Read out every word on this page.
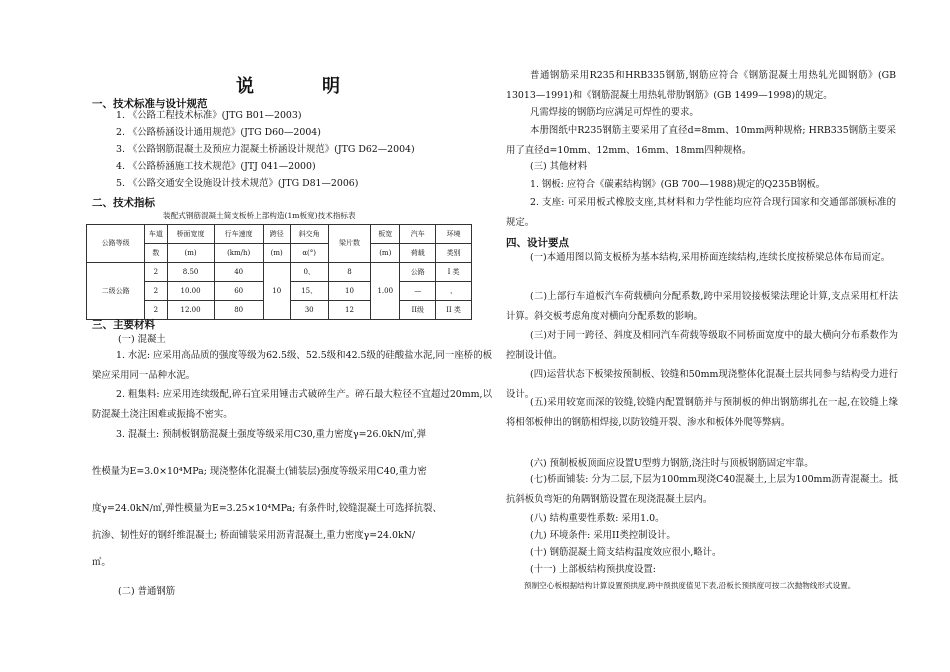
说	明
一、技术标准与设计规范
1. 《公路工程技术标准》(JTG B01—2003)
2. 《公路桥涵设计通用规范》(JTG D60—2004)
3. 《公路钢筋混凝土及预应力混凝土桥涵设计规范》(JTG D62—2004)
4. 《公路桥涵施工技术规范》(JTJ 041—2000)
5. 《公路交通安全设施设计技术规范》(JTG D81—2006)
二、技术指标
装配式钢筋混凝土简支板桥上部构造(1m板宽)技术指标表
公路等级	车道	桥面宽度	行车速度	跨径	斜交角	梁片数	板宽	汽车	环境
	数	(m)	(km/h)	(m)	α(°)		(m)	荷载	类别
二级公路	2	8.50	40	10	0、	8	1.00	公路	I 类
	2	10.00	60		15、	10		—	、
	2	12.00	80		30	12		II级	II 类
三、主要材料
(一) 混凝土
1. 水泥: 应采用高品质的强度等级为62.5级、52.5级和42.5级的硅酸盐水泥,同一座桥的板梁应采用同一品种水泥。
2. 粗集料: 应采用连续级配,碎石宜采用锤击式破碎生产。碎石最大粒径不宜超过20mm,以防混凝土浇注困难或振捣不密实。
3. 混凝土: 预制板钢筋混凝土强度等级采用C30,重力密度γ=26.0kN/㎥,弹
性模量为E=3.0×10⁴MPa; 现浇整体化混凝土(铺装层)强度等级采用C40,重力密
度γ=24.0kN/㎥,弹性模量为E=3.25×10⁴MPa; 有条件时,铰缝混凝土可选择抗裂、
抗渗、韧性好的钢纤维混凝土; 桥面铺装采用沥青混凝土,重力密度γ=24.0kN/
㎥。
(二) 普通钢筋
普通钢筋采用R235和HRB335钢筋,钢筋应符合《钢筋混凝土用热轧光圆钢筋》(GB 13013—1991)和《钢筋混凝土用热轧带肋钢筋》(GB 1499—1998)的规定。
凡需焊接的钢筋均应满足可焊性的要求。
本册图纸中R235钢筋主要采用了直径d=8mm、10mm两种规格; HRB335钢筋主要采用了直径d=10mm、12mm、16mm、18mm四种规格。
(三) 其他材料
1. 钢板: 应符合《碳素结构钢》(GB 700—1988)规定的Q235B钢板。
2. 支座: 可采用板式橡胶支座,其材料和力学性能均应符合现行国家和交通部部颁标准的规定。
四、设计要点
(一)本通用图以简支板桥为基本结构,采用桥面连续结构,连续长度按桥梁总体布局而定。
(二)上部行车道板汽车荷载横向分配系数,跨中采用铰接板梁法理论计算,支点采用杠杆法计算。斜交板考虑角度对横向分配系数的影响。
(三)对于同一跨径、斜度及相同汽车荷载等级取不同桥面宽度中的最大横向分布系数作为控制设计值。
(四)运营状态下板梁按预制板、铰缝和50mm现浇整体化混凝土层共同参与结构受力进行设计。
(五)采用较宽而深的铰缝,铰缝内配置钢筋并与预制板的伸出钢筋绑扎在一起,在铰缝上缘将相邻板伸出的钢筋相焊接,以防铰缝开裂、渗水和板体外爬等弊病。
(六) 预制板板顶面应设置U型剪力钢筋,浇注时与顶板钢筋固定牢靠。
(七)桥面铺装: 分为二层,下层为100mm现浇C40混凝土,上层为100mm沥青混凝土。抵抗斜板负弯矩的角隅钢筋设置在现浇混凝土层内。
(八) 结构重要性系数: 采用1.0。
(九) 环境条件: 采用II类控制设计。
(十) 钢筋混凝土简支结构温度效应很小,略计。
(十一) 上部板结构预拱度设置:
预制空心板根据结构计算设置预拱度,跨中预拱度值见下表,沿板长预拱度可按二次抛物线形式设置。
